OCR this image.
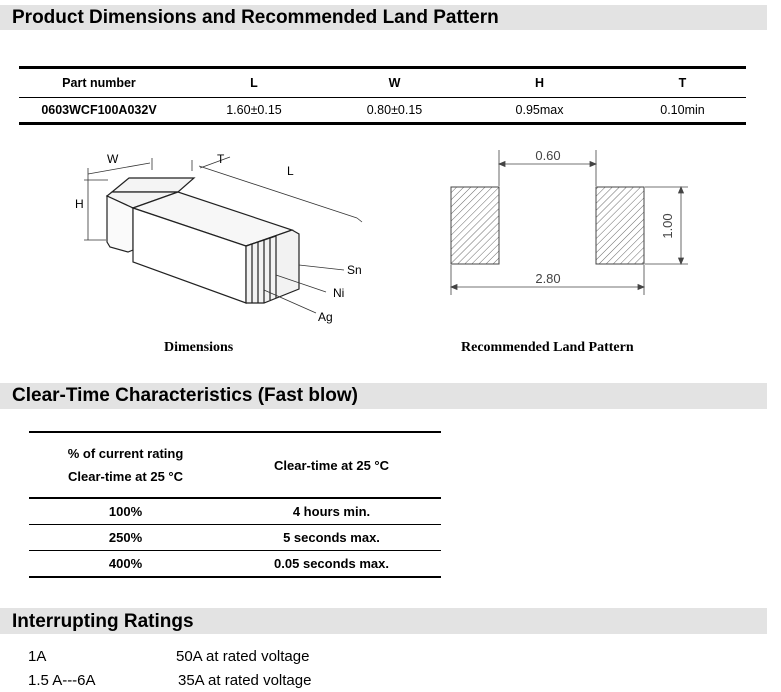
Product Dimensions and Recommended Land Pattern
Part number	L	W	H	T
0603WCF100A032V	1.60±0.15	0.80±0.15	0.95max	0.10min
W	T
L
H
Sn
Ni
Ag
0.60
1.00
2.80
Dimensions	Recommended Land Pattern
Clear-Time Characteristics (Fast blow)
% of current rating
Clear-time at 25 °C	Clear-time at 25 °C
100%	4 hours min.
250%	5 seconds max.
400%	0.05 seconds max.
Interrupting Ratings
1A	50A at rated voltage
1.5 A---6A	35A at rated voltage
